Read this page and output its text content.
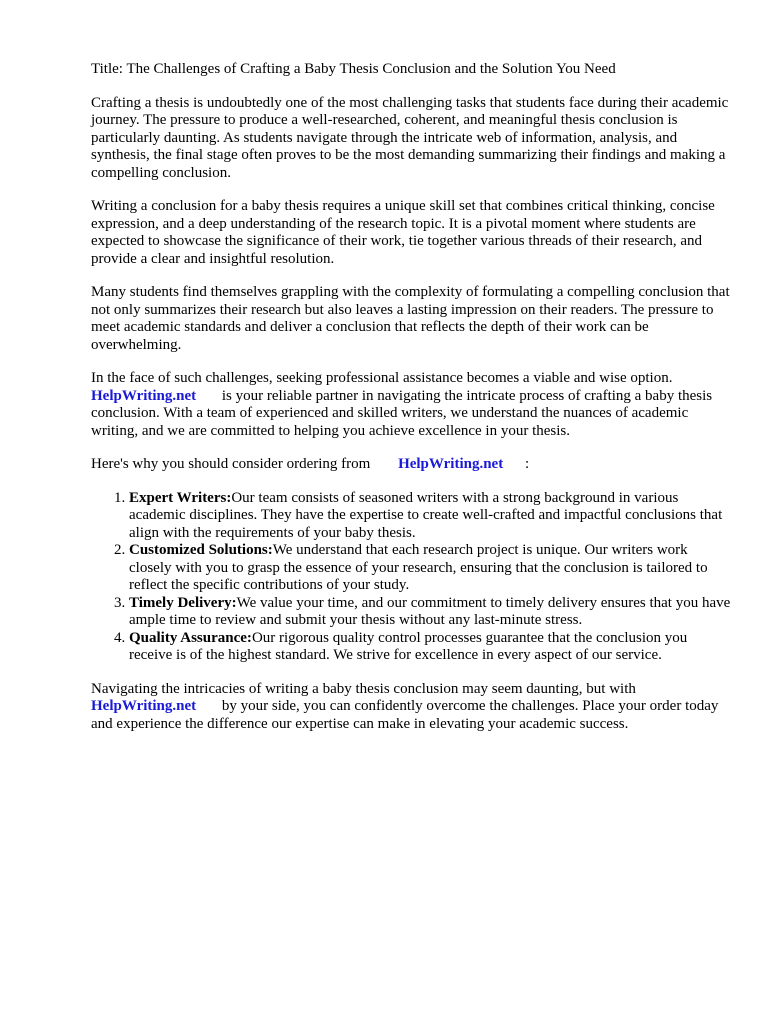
Title: The Challenges of Crafting a Baby Thesis Conclusion and the Solution You Need

Crafting a thesis is undoubtedly one of the most challenging tasks that students face during their academic journey. The pressure to produce a well-researched, coherent, and meaningful thesis conclusion is particularly daunting. As students navigate through the intricate web of information, analysis, and synthesis, the final stage often proves to be the most demanding summarizing their findings and making a compelling conclusion.

Writing a conclusion for a baby thesis requires a unique skill set that combines critical thinking, concise expression, and a deep understanding of the research topic. It is a pivotal moment where students are expected to showcase the significance of their work, tie together various threads of their research, and provide a clear and insightful resolution.

Many students find themselves grappling with the complexity of formulating a compelling conclusion that not only summarizes their research but also leaves a lasting impression on their readers. The pressure to meet academic standards and deliver a conclusion that reflects the depth of their work can be overwhelming.

In the face of such challenges, seeking professional assistance becomes a viable and wise option.
HelpWriting.net is your reliable partner in navigating the intricate process of crafting a baby thesis conclusion. With a team of experienced and skilled writers, we understand the nuances of academic writing, and we are committed to helping you achieve excellence in your thesis.

Here's why you should consider ordering from HelpWriting.net :

1. Expert Writers:Our team consists of seasoned writers with a strong background in various academic disciplines. They have the expertise to create well-crafted and impactful conclusions that align with the requirements of your baby thesis.
2. Customized Solutions:We understand that each research project is unique. Our writers work closely with you to grasp the essence of your research, ensuring that the conclusion is tailored to reflect the specific contributions of your study.
3. Timely Delivery:We value your time, and our commitment to timely delivery ensures that you have ample time to review and submit your thesis without any last-minute stress.
4. Quality Assurance:Our rigorous quality control processes guarantee that the conclusion you receive is of the highest standard. We strive for excellence in every aspect of our service.

Navigating the intricacies of writing a baby thesis conclusion may seem daunting, but with
HelpWriting.net by your side, you can confidently overcome the challenges. Place your order today and experience the difference our expertise can make in elevating your academic success.
